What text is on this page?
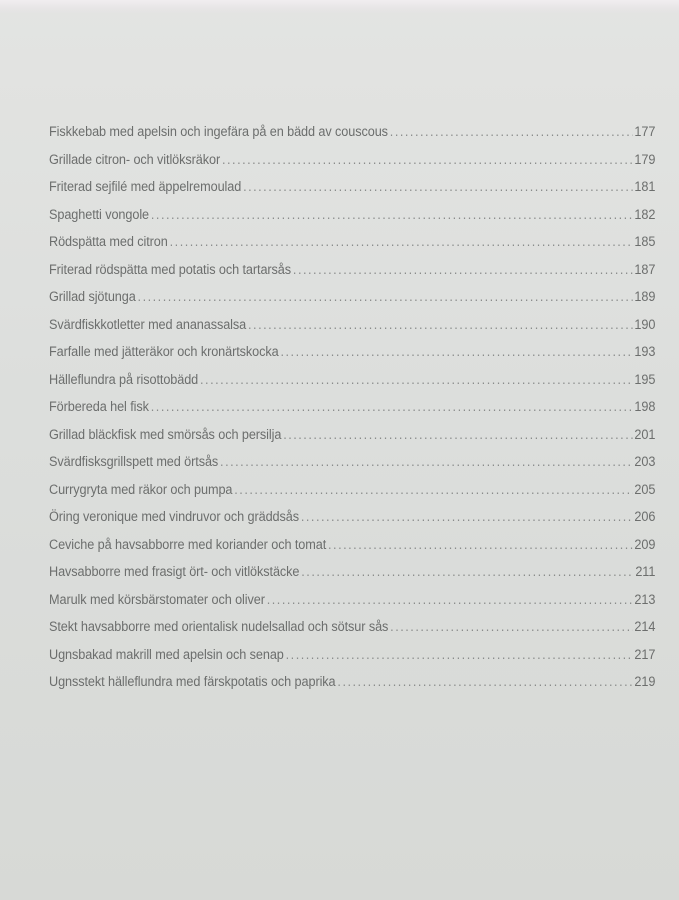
Fiskkebab med apelsin och ingefära på en bädd av couscous .....	177
Grillade citron- och vitlöksräkor .....	179
Friterad sejfilé med äppelremoulad .....	181
Spaghetti vongole .....	182
Rödspätta med citron .....	185
Friterad rödspätta med potatis och tartarsås .....	187
Grillad sjötunga .....	189
Svärdfiskkotletter med ananassalsa .....	190
Farfalle med jätteräkor och kronärtskocka .....	193
Hälleflundra på risottobädd .....	195
Förbereda hel fisk .....	198
Grillad bläckfisk med smörsås och persilja .....	201
Svärdfisksgrillspett med örtsås .....	203
Currygryta med räkor och pumpa .....	205
Öring veronique med vindruvor och gräddsås .....	206
Ceviche på havsabborre med koriander och tomat .....	209
Havsabborre med frasigt ört- och vitlökstäcke .....	211
Marulk med körsbärstomater och oliver .....	213
Stekt havsabborre med orientalisk nudelsallad och sötsur sås .....	214
Ugnsbakad makrill med apelsin och senap .....	217
Ugnsstekt hälleflundra med färskpotatis och paprika .....	219
